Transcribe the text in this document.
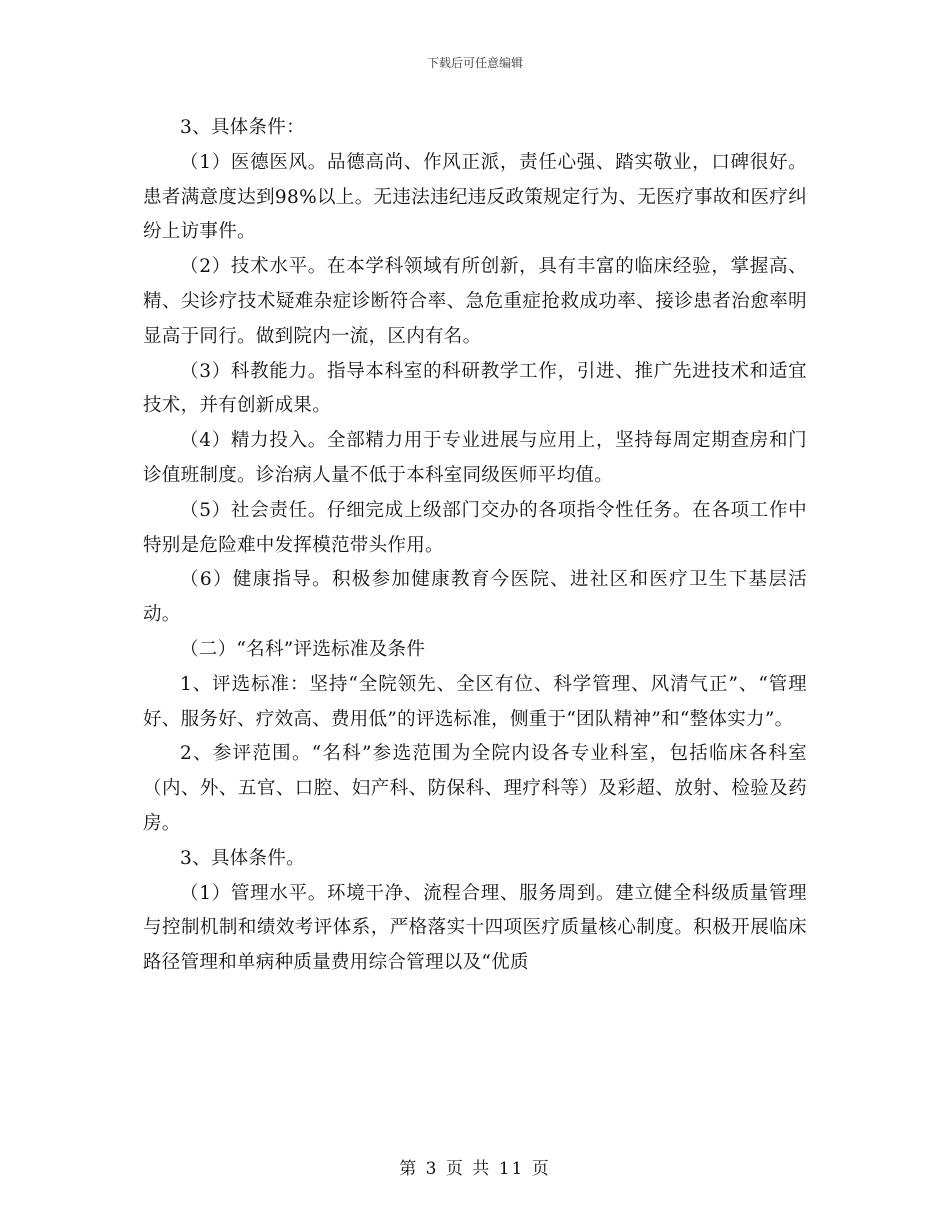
下载后可任意编辑

3、具体条件：

（1）医德医风。品德高尚、作风正派，责任心强、踏实敬业，口碑很好。患者满意度达到98%以上。无违法违纪违反政策规定行为、无医疗事故和医疗纠纷上访事件。

（2）技术水平。在本学科领域有所创新，具有丰富的临床经验，掌握高、精、尖诊疗技术疑难杂症诊断符合率、急危重症抢救成功率、接诊患者治愈率明显高于同行。做到院内一流，区内有名。

（3）科教能力。指导本科室的科研教学工作，引进、推广先进技术和适宜技术，并有创新成果。

（4）精力投入。全部精力用于专业进展与应用上，坚持每周定期查房和门诊值班制度。诊治病人量不低于本科室同级医师平均值。

（5）社会责任。仔细完成上级部门交办的各项指令性任务。在各项工作中特别是危险难中发挥模范带头作用。

（6）健康指导。积极参加健康教育今医院、进社区和医疗卫生下基层活动。

（二）“名科”评选标准及条件

1、评选标准：坚持“全院领先、全区有位、科学管理、风清气正”、“管理好、服务好、疗效高、费用低”的评选标准，侧重于“团队精神”和“整体实力”。

2、参评范围。“名科”参选范围为全院内设各专业科室，包括临床各科室（内、外、五官、口腔、妇产科、防保科、理疗科等）及彩超、放射、检验及药房。

3、具体条件。

（1）管理水平。环境干净、流程合理、服务周到。建立健全科级质量管理与控制机制和绩效考评体系，严格落实十四项医疗质量核心制度。积极开展临床路径管理和单病种质量费用综合管理以及“优质

第 3 页 共 11 页
